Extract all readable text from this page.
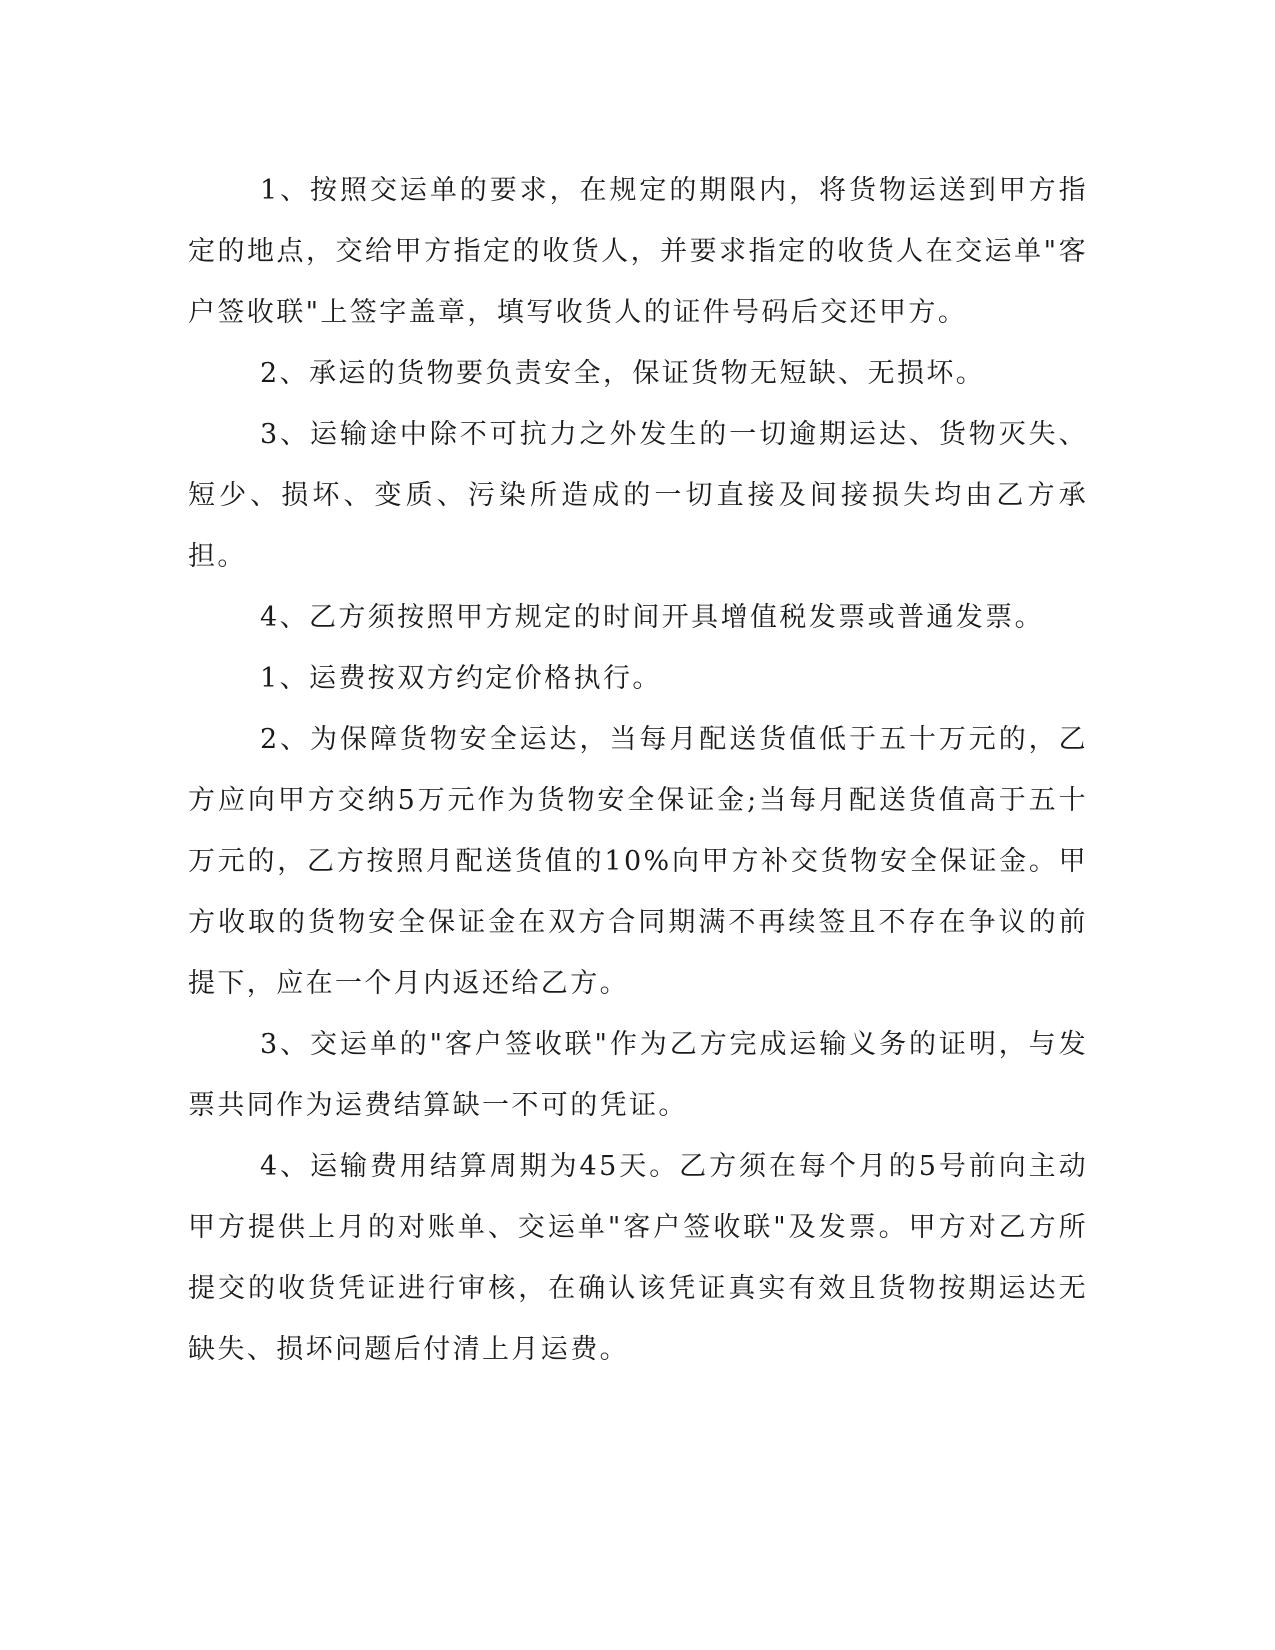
1、按照交运单的要求，在规定的期限内，将货物运送到甲方指定的地点，交给甲方指定的收货人，并要求指定的收货人在交运单"客户签收联"上签字盖章，填写收货人的证件号码后交还甲方。

2、承运的货物要负责安全，保证货物无短缺、无损坏。

3、运输途中除不可抗力之外发生的一切逾期运达、货物灭失、短少、损坏、变质、污染所造成的一切直接及间接损失均由乙方承担。

4、乙方须按照甲方规定的时间开具增值税发票或普通发票。

1、运费按双方约定价格执行。

2、为保障货物安全运达，当每月配送货值低于五十万元的，乙方应向甲方交纳5万元作为货物安全保证金;当每月配送货值高于五十万元的，乙方按照月配送货值的10%向甲方补交货物安全保证金。甲方收取的货物安全保证金在双方合同期满不再续签且不存在争议的前提下，应在一个月内返还给乙方。

3、交运单的"客户签收联"作为乙方完成运输义务的证明，与发票共同作为运费结算缺一不可的凭证。

4、运输费用结算周期为45天。乙方须在每个月的5号前向主动甲方提供上月的对账单、交运单"客户签收联"及发票。甲方对乙方所提交的收货凭证进行审核，在确认该凭证真实有效且货物按期运达无缺失、损坏问题后付清上月运费。
